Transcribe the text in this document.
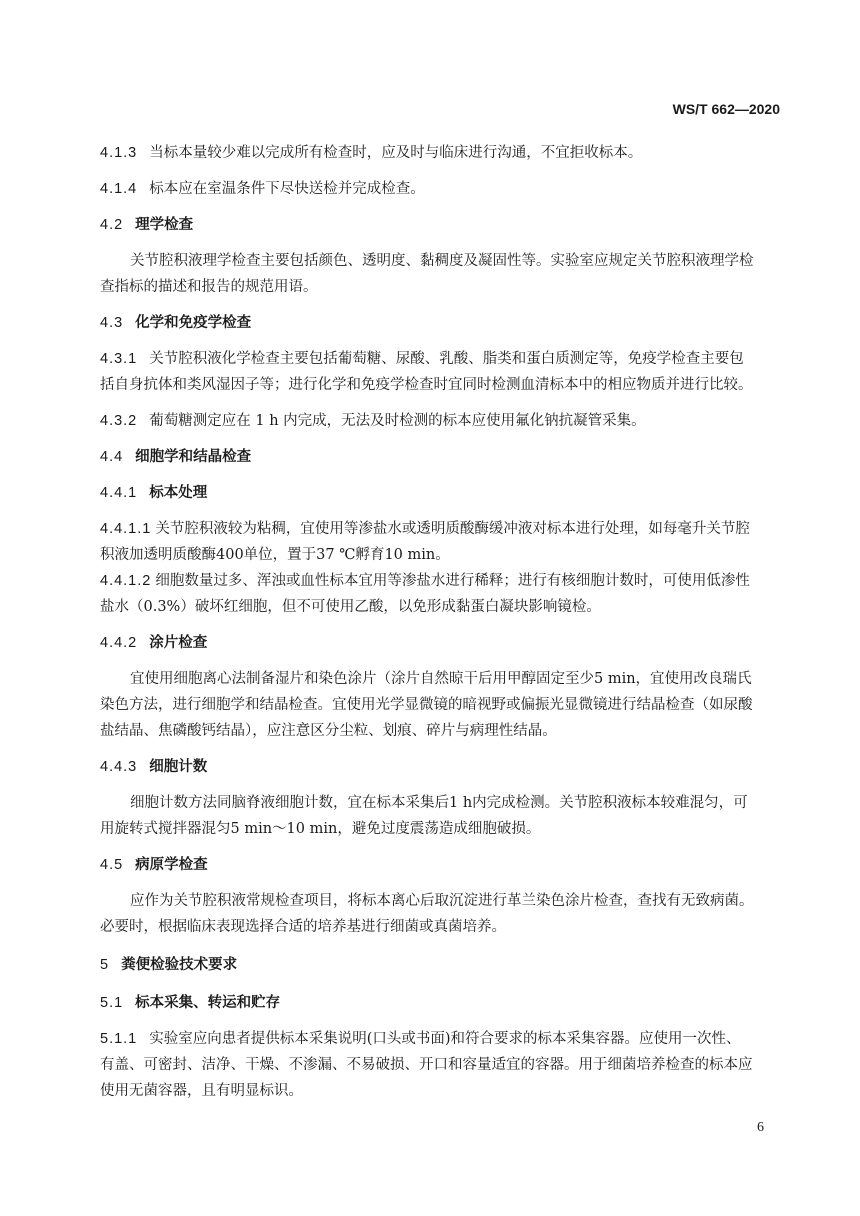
WS/T 662—2020
4.1.3 当标本量较少难以完成所有检查时，应及时与临床进行沟通，不宜拒收标本。
4.1.4 标本应在室温条件下尽快送检并完成检查。
4.2 理学检查
关节腔积液理学检查主要包括颜色、透明度、黏稠度及凝固性等。实验室应规定关节腔积液理学检
查指标的描述和报告的规范用语。
4.3 化学和免疫学检查
4.3.1 关节腔积液化学检查主要包括葡萄糖、尿酸、乳酸、脂类和蛋白质测定等，免疫学检查主要包
括自身抗体和类风湿因子等；进行化学和免疫学检查时宜同时检测血清标本中的相应物质并进行比较。
4.3.2 葡萄糖测定应在 1 h 内完成，无法及时检测的标本应使用氟化钠抗凝管采集。
4.4 细胞学和结晶检查
4.4.1 标本处理
4.4.1.1 关节腔积液较为粘稠，宜使用等渗盐水或透明质酸酶缓冲液对标本进行处理，如每毫升关节腔
积液加透明质酸酶400单位，置于37 ℃孵育10 min。
4.4.1.2 细胞数量过多、浑浊或血性标本宜用等渗盐水进行稀释；进行有核细胞计数时，可使用低渗性
盐水（0.3%）破坏红细胞，但不可使用乙酸，以免形成黏蛋白凝块影响镜检。
4.4.2 涂片检查
宜使用细胞离心法制备湿片和染色涂片（涂片自然晾干后用甲醇固定至少5 min，宜使用改良瑞氏
染色方法，进行细胞学和结晶检查。宜使用光学显微镜的暗视野或偏振光显微镜进行结晶检查（如尿酸
盐结晶、焦磷酸钙结晶），应注意区分尘粒、划痕、碎片与病理性结晶。
4.4.3 细胞计数
细胞计数方法同脑脊液细胞计数，宜在标本采集后1 h内完成检测。关节腔积液标本较难混匀，可
用旋转式搅拌器混匀5 min～10 min，避免过度震荡造成细胞破损。
4.5 病原学检查
应作为关节腔积液常规检查项目，将标本离心后取沉淀进行革兰染色涂片检查，查找有无致病菌。
必要时，根据临床表现选择合适的培养基进行细菌或真菌培养。
5 粪便检验技术要求
5.1 标本采集、转运和贮存
5.1.1 实验室应向患者提供标本采集说明(口头或书面)和符合要求的标本采集容器。应使用一次性、
有盖、可密封、洁净、干燥、不渗漏、不易破损、开口和容量适宜的容器。用于细菌培养检查的标本应
使用无菌容器，且有明显标识。
6
